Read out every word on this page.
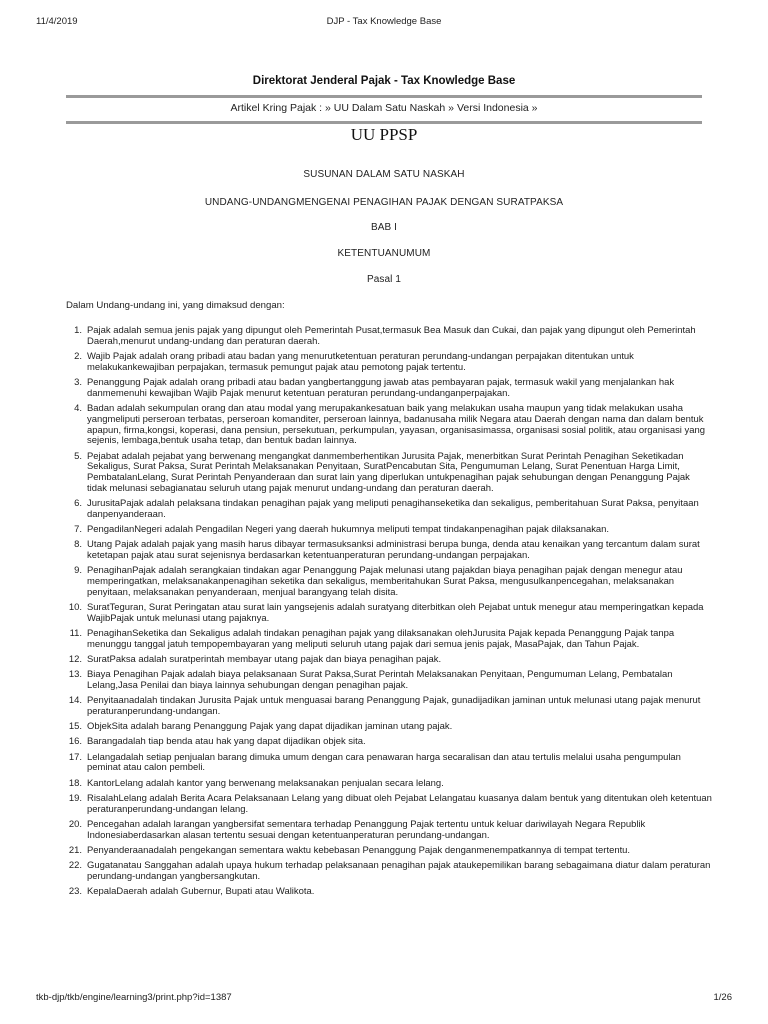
11/4/2019	DJP - Tax Knowledge Base
Direktorat Jenderal Pajak - Tax Knowledge Base
Artikel Kring Pajak : » UU Dalam Satu Naskah » Versi Indonesia »
UU PPSP
SUSUNAN DALAM SATU NASKAH
UNDANG-UNDANGMENGENAI PENAGIHAN PAJAK DENGAN SURATPAKSA
BAB I
KETENTUANUMUM
Pasal 1
Dalam Undang-undang ini, yang dimaksud dengan:
1. Pajak adalah semua jenis pajak yang dipungut oleh Pemerintah Pusat,termasuk Bea Masuk dan Cukai, dan pajak yang dipungut oleh Pemerintah Daerah,menurut undang-undang dan peraturan daerah.
2. Wajib Pajak adalah orang pribadi atau badan yang menurutketentuan peraturan perundang-undangan perpajakan ditentukan untuk melakukankewajiban perpajakan, termasuk pemungut pajak atau pemotong pajak tertentu.
3. Penanggung Pajak adalah orang pribadi atau badan yangbertanggung jawab atas pembayaran pajak, termasuk wakil yang menjalankan hak danmemenuhi kewajiban Wajib Pajak menurut ketentuan peraturan perundang-undanganperpajakan.
4. Badan adalah sekumpulan orang dan atau modal yang merupakankesatuan baik yang melakukan usaha maupun yang tidak melakukan usaha yangmeliputi perseroan terbatas, perseroan komanditer, perseroan lainnya, badanusaha milik Negara atau Daerah dengan nama dan dalam bentuk apapun, firma,kongsi, koperasi, dana pensiun, persekutuan, perkumpulan, yayasan, organisasimassa, organisasi sosial politik, atau organisasi yang sejenis, lembaga,bentuk usaha tetap, dan bentuk badan lainnya.
5. Pejabat adalah pejabat yang berwenang mengangkat danmemberhentikan Jurusita Pajak, menerbitkan Surat Perintah Penagihan Seketikadan Sekaligus, Surat Paksa, Surat Perintah Melaksanakan Penyitaan, SuratPencabutan Sita, Pengumuman Lelang, Surat Penentuan Harga Limit, PembatalanLelang, Surat Perintah Penyanderaan dan surat lain yang diperlukan untukpenagihan pajak sehubungan dengan Penanggung Pajak tidak melunasi sebagianatau seluruh utang pajak menurut undang-undang dan peraturan daerah.
6. JurusitaPajak adalah pelaksana tindakan penagihan pajak yang meliputi penagihanseketika dan sekaligus, pemberitahuan Surat Paksa, penyitaan danpenyanderaan.
7. PengadilanNegeri adalah Pengadilan Negeri yang daerah hukumnya meliputi tempat tindakanpenagihan pajak dilaksanakan.
8. Utang Pajak adalah pajak yang masih harus dibayar termasuksanksi administrasi berupa bunga, denda atau kenaikan yang tercantum dalam surat ketetapan pajak atau surat sejenisnya berdasarkan ketentuanperaturan perundang-undangan perpajakan.
9. PenagihanPajak adalah serangkaian tindakan agar Penanggung Pajak melunasi utang pajakdan biaya penagihan pajak dengan menegur atau memperingatkan, melaksanakanpenagihan seketika dan sekaligus, memberitahukan Surat Paksa, mengusulkanpencegahan, melaksanakan penyitaan, melaksanakan penyanderaan, menjual barangyang telah disita.
10. SuratTeguran, Surat Peringatan atau surat lain yangsejenis adalah suratyang diterbitkan oleh Pejabat untuk menegur atau memperingatkan kepada WajibPajak untuk melunasi utang pajaknya.
11. PenagihanSeketika dan Sekaligus adalah tindakan penagihan pajak yang dilaksanakan olehJurusita Pajak kepada Penanggung Pajak tanpa menunggu tanggal jatuh tempopembayaran yang meliputi seluruh utang pajak dari semua jenis pajak, MasaPajak, dan Tahun Pajak.
12. SuratPaksa adalah suratperintah membayar utang pajak dan biaya penagihan pajak.
13. Biaya Penagihan Pajak adalah biaya pelaksanaan Surat Paksa,Surat Perintah Melaksanakan Penyitaan, Pengumuman Lelang, Pembatalan Lelang,Jasa Penilai dan biaya lainnya sehubungan dengan penagihan pajak.
14. Penyitaanadalah tindakan Jurusita Pajak untuk menguasai barang Penanggung Pajak, gunadijadikan jaminan untuk melunasi utang pajak menurut peraturanperundang-undangan.
15. ObjekSita adalah barang Penanggung Pajak yang dapat dijadikan jaminan utang pajak.
16. Barangadalah tiap benda atau hak yang dapat dijadikan objek sita.
17. Lelangadalah setiap penjualan barang dimuka umum dengan cara penawaran harga secaralisan dan atau tertulis melalui usaha pengumpulan peminat atau calon pembeli.
18. KantorLelang adalah kantor yang berwenang melaksanakan penjualan secara lelang.
19. RisalahLelang adalah Berita Acara Pelaksanaan Lelang yang dibuat oleh Pejabat Lelangatau kuasanya dalam bentuk yang ditentukan oleh ketentuan peraturanperundang-undangan lelang.
20. Pencegahan adalah larangan yangbersifat sementara terhadap Penanggung Pajak tertentu untuk keluar dariwilayah Negara Republik Indonesiaberdasarkan alasan tertentu sesuai dengan ketentuanperaturan perundang-undangan.
21. Penyanderaanadalah pengekangan sementara waktu kebebasan Penanggung Pajak denganmenempatkannya di tempat tertentu.
22. Gugatanatau Sanggahan adalah upaya hukum terhadap pelaksanaan penagihan pajak ataukepemilikan barang sebagaimana diatur dalam peraturan perundang-undangan yangbersangkutan.
23. KepalaDaerah adalah Gubernur, Bupati atau Walikota.
tkb-djp/tkb/engine/learning3/print.php?id=1387	1/26
